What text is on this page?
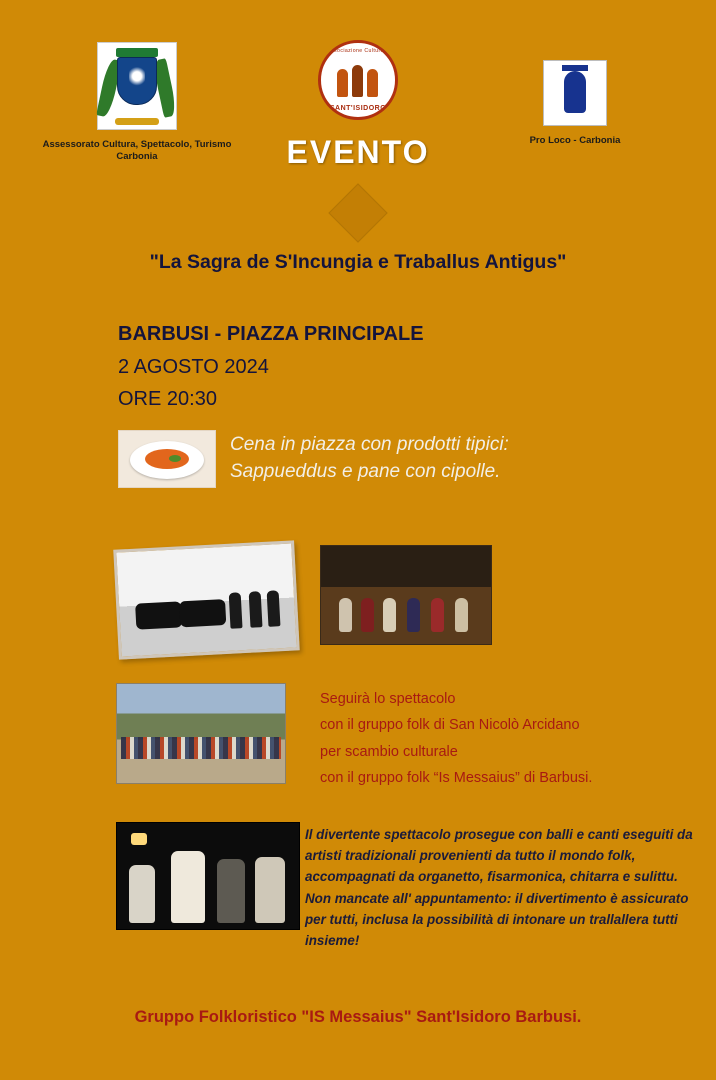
Assessorato Cultura, Spettacolo, Turismo Carbonia
Associazione Culturale
SANT'ISIDORO
Pro Loco - Carbonia
EVENTO
"La Sagra de S'Incungia e Traballus Antigus"
BARBUSI - PIAZZA PRINCIPALE
2 AGOSTO 2024
ORE 20:30
Cena in piazza con prodotti tipici:
Sappueddus e pane con cipolle.
Seguirà lo spettacolo
con il gruppo folk di San Nicolò Arcidano
per scambio culturale
con il gruppo folk “Is Messaius” di Barbusi.
Il divertente spettacolo prosegue con balli e canti eseguiti da artisti tradizionali provenienti da tutto il mondo folk, accompagnati da organetto, fisarmonica, chitarra e sulittu. Non mancate all' appuntamento: il divertimento è assicurato per tutti, inclusa la possibilità di intonare un trallallera tutti insieme!
Gruppo Folkloristico "IS Messaius" Sant'Isidoro Barbusi.
